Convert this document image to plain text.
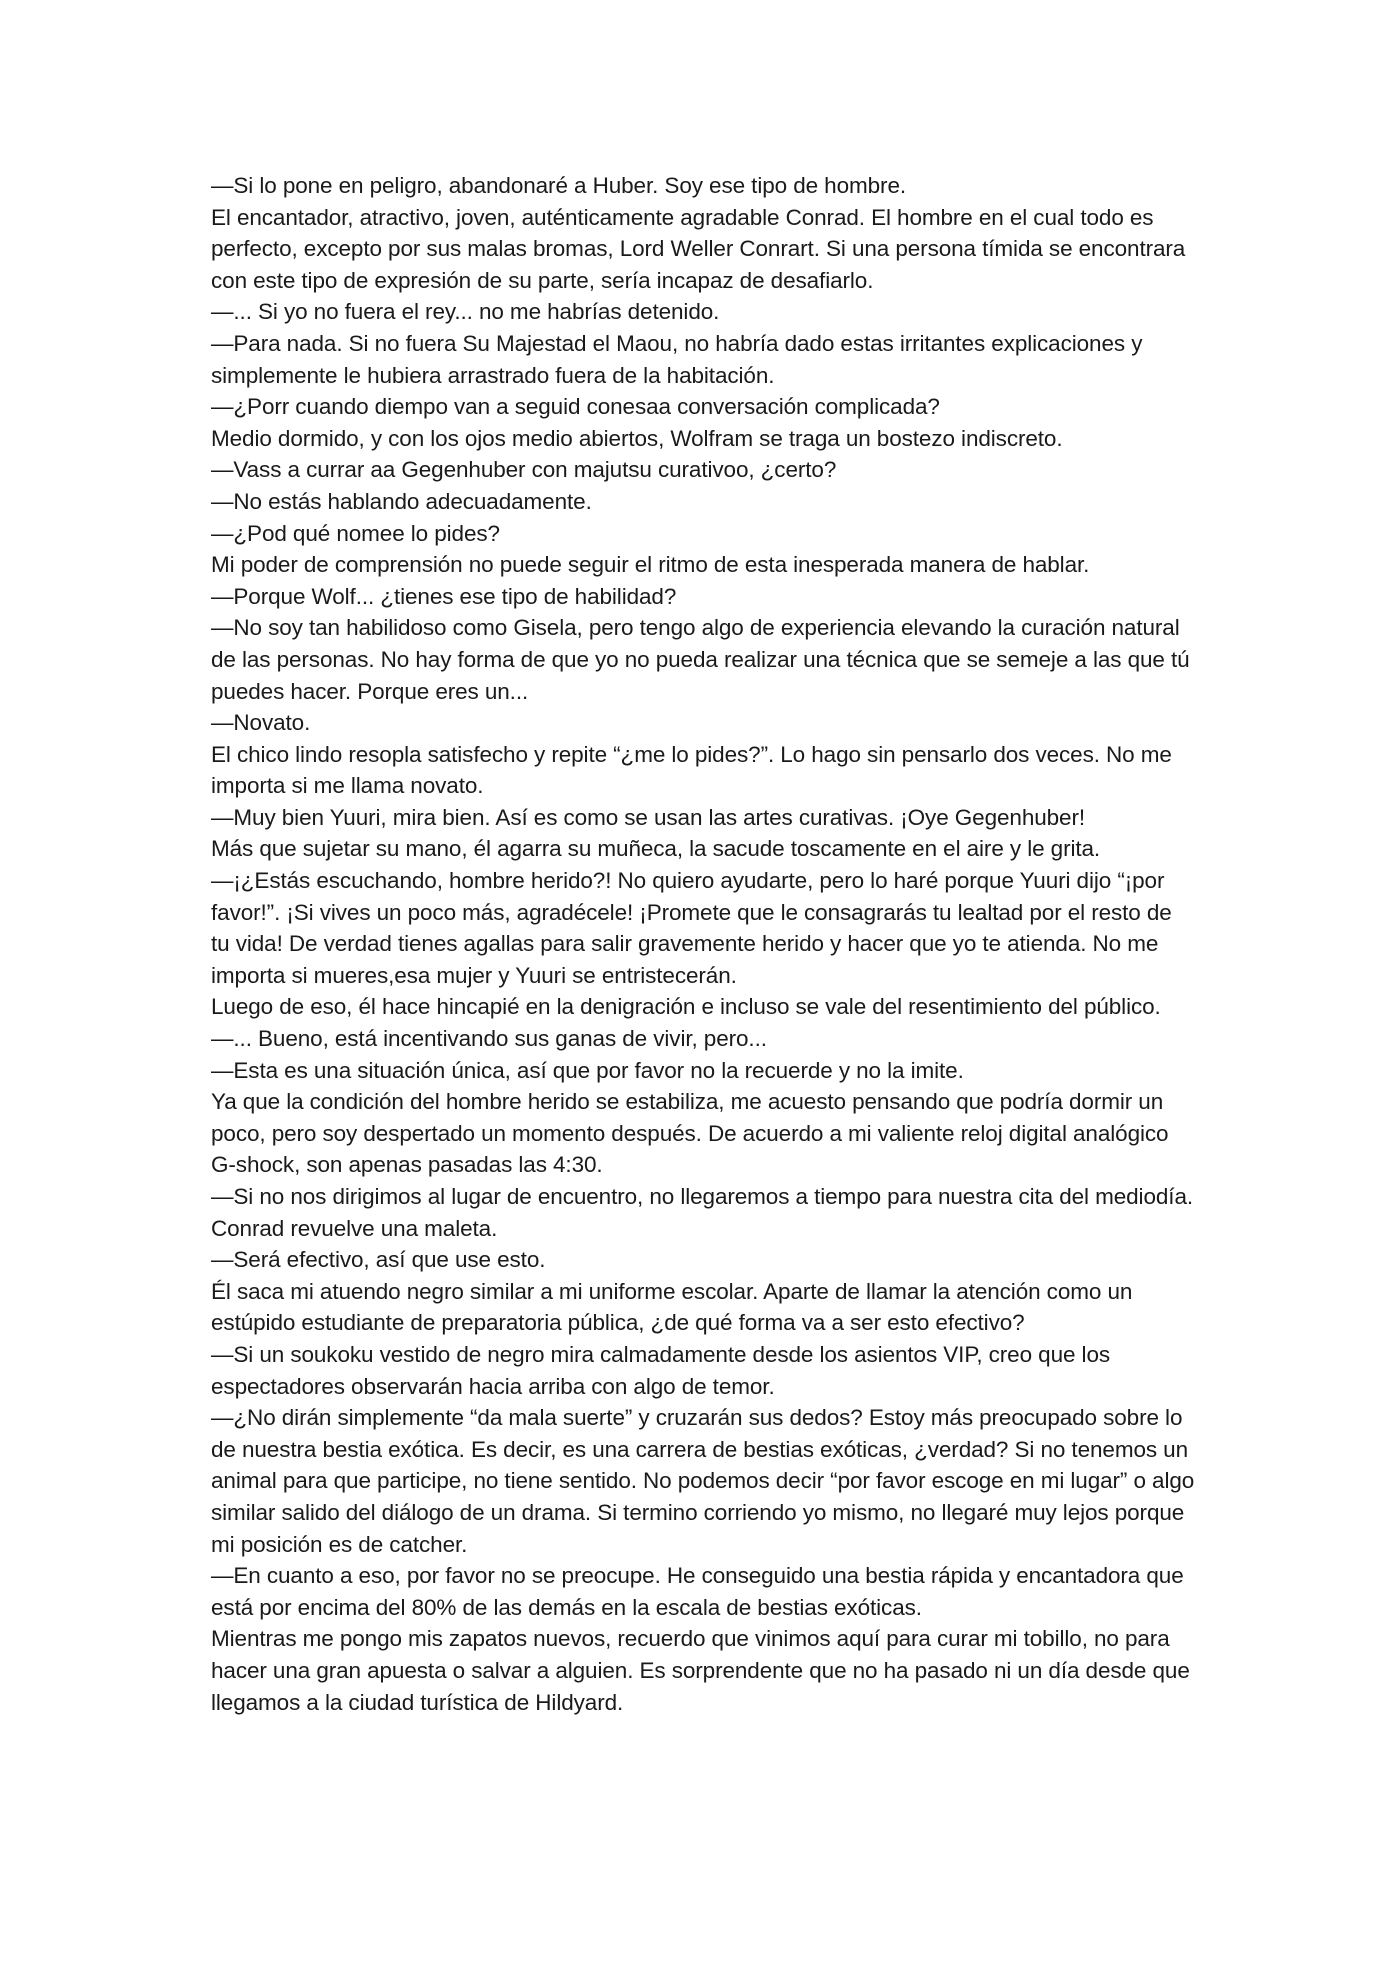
—Si lo pone en peligro, abandonaré a Huber. Soy ese tipo de hombre.

El encantador, atractivo, joven, auténticamente agradable Conrad. El hombre en el cual todo es perfecto, excepto por sus malas bromas, Lord Weller Conrart. Si una persona tímida se encontrara con este tipo de expresión de su parte, sería incapaz de desafiarlo.

—... Si yo no fuera el rey... no me habrías detenido.

—Para nada. Si no fuera Su Majestad el Maou, no habría dado estas irritantes explicaciones y simplemente le hubiera arrastrado fuera de la habitación.

—¿Porr cuando diempo van a seguid conesaa conversación complicada?

Medio dormido, y con los ojos medio abiertos, Wolfram se traga un bostezo indiscreto.

—Vass a currar aa Gegenhuber con majutsu curativoo, ¿certo?

—No estás hablando adecuadamente.

—¿Pod qué nomee lo pides?

Mi poder de comprensión no puede seguir el ritmo de esta inesperada manera de hablar.

—Porque Wolf... ¿tienes ese tipo de habilidad?

—No soy tan habilidoso como Gisela, pero tengo algo de experiencia elevando la curación natural de las personas. No hay forma de que yo no pueda realizar una técnica que se semeje a las que tú puedes hacer. Porque eres un...

—Novato.

El chico lindo resopla satisfecho y repite “¿me lo pides?”. Lo hago sin pensarlo dos veces. No me importa si me llama novato.

—Muy bien Yuuri, mira bien. Así es como se usan las artes curativas. ¡Oye Gegenhuber!

Más que sujetar su mano, él agarra su muñeca, la sacude toscamente en el aire y le grita.

—¡¿Estás escuchando, hombre herido?! No quiero ayudarte, pero lo haré porque Yuuri dijo “¡por favor!”. ¡Si vives un poco más, agradécele! ¡Promete que le consagrarás tu lealtad por el resto de tu vida! De verdad tienes agallas para salir gravemente herido y hacer que yo te atienda. No me importa si mueres,esa mujer y Yuuri se entristecerán.

Luego de eso, él hace hincapié en la denigración e incluso se vale del resentimiento del público.

—... Bueno, está incentivando sus ganas de vivir, pero...

—Esta es una situación única, así que por favor no la recuerde y no la imite.

Ya que la condición del hombre herido se estabiliza, me acuesto pensando que podría dormir un poco, pero soy despertado un momento después. De acuerdo a mi valiente reloj digital analógico G-shock, son apenas pasadas las 4:30.

—Si no nos dirigimos al lugar de encuentro, no llegaremos a tiempo para nuestra cita del mediodía.

Conrad revuelve una maleta.

—Será efectivo, así que use esto.

Él saca mi atuendo negro similar a mi uniforme escolar. Aparte de llamar la atención como un estúpido estudiante de preparatoria pública, ¿de qué forma va a ser esto efectivo?

—Si un soukoku vestido de negro mira calmadamente desde los asientos VIP, creo que los espectadores observarán hacia arriba con algo de temor.

—¿No dirán simplemente “da mala suerte” y cruzarán sus dedos? Estoy más preocupado sobre lo de nuestra bestia exótica. Es decir, es una carrera de bestias exóticas, ¿verdad? Si no tenemos un animal para que participe, no tiene sentido. No podemos decir “por favor escoge en mi lugar” o algo similar salido del diálogo de un drama. Si termino corriendo yo mismo, no llegaré muy lejos porque mi posición es de catcher.

—En cuanto a eso, por favor no se preocupe. He conseguido una bestia rápida y encantadora que está por encima del 80% de las demás en la escala de bestias exóticas.

Mientras me pongo mis zapatos nuevos, recuerdo que vinimos aquí para curar mi tobillo, no para hacer una gran apuesta o salvar a alguien. Es sorprendente que no ha pasado ni un día desde que llegamos a la ciudad turística de Hildyard.
